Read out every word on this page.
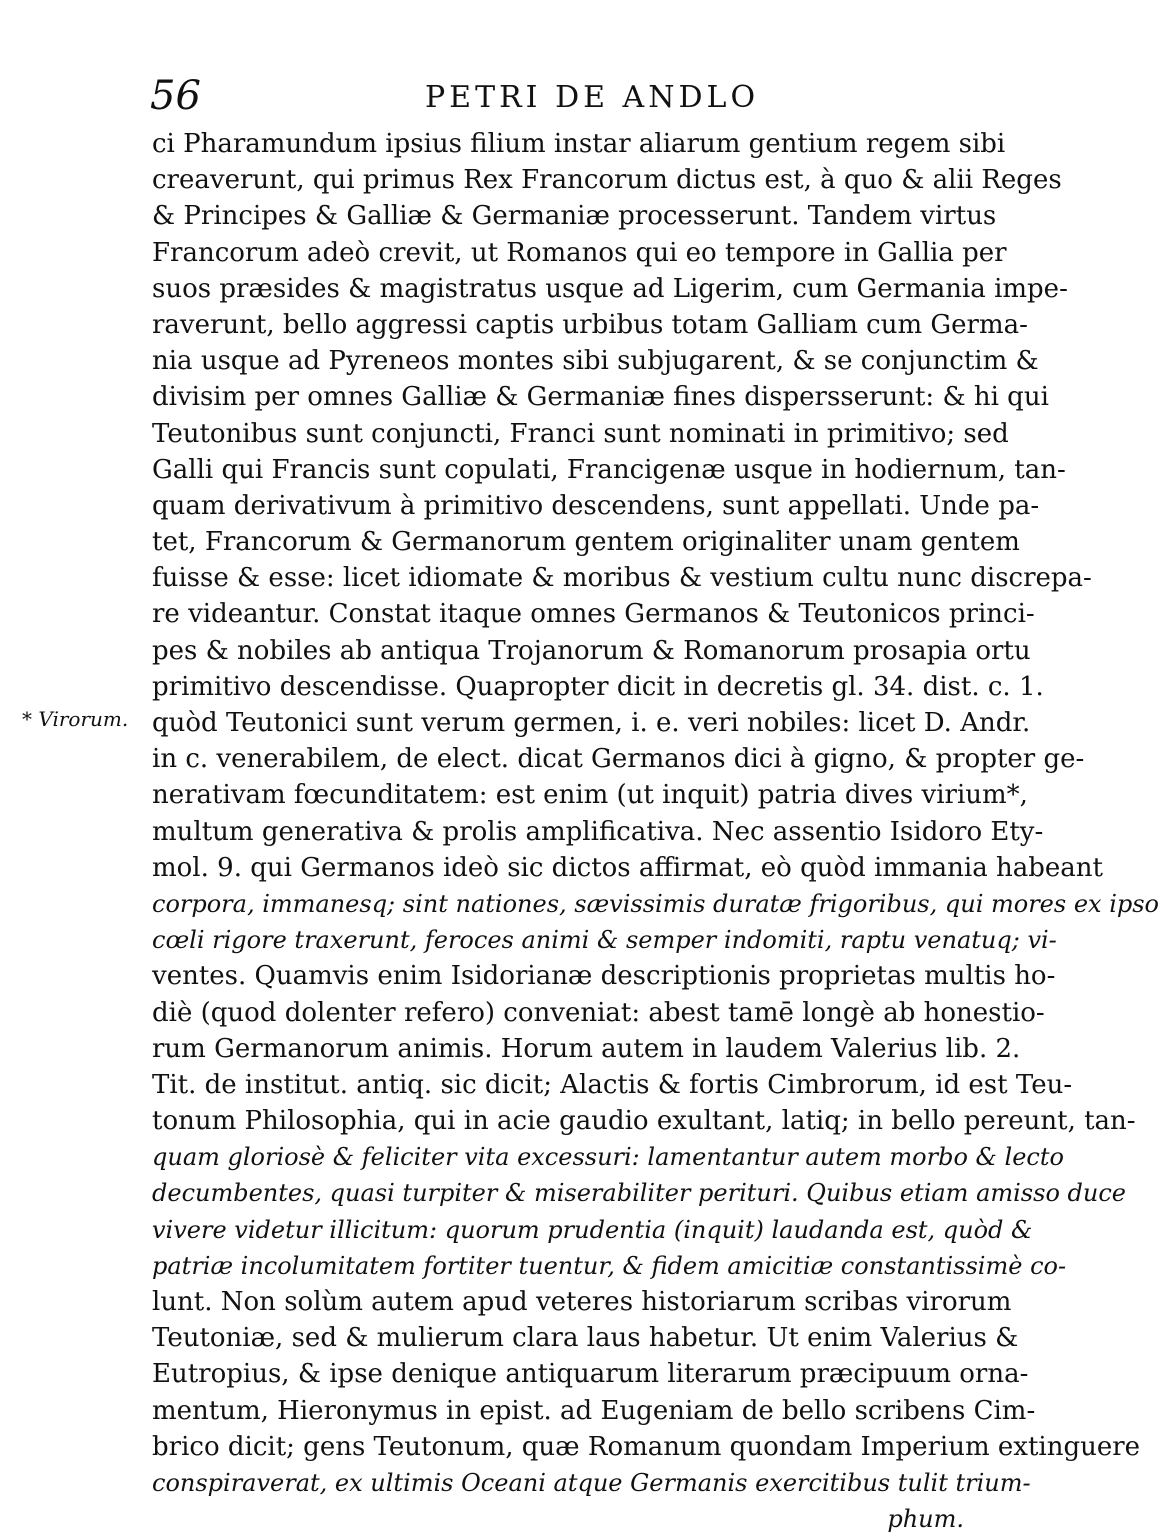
56	PETRI DE ANDLO
* Virorum.
ci Pharamundum ipsius filium instar aliarum gentium regem sibi
creaverunt, qui primus Rex Francorum dictus est, à quo & alii Reges
& Principes & Galliæ & Germaniæ processerunt. Tandem virtus
Francorum adeò crevit, ut Romanos qui eo tempore in Gallia per
suos præsides & magistratus usque ad Ligerim, cum Germania impe-
raverunt, bello aggressi captis urbibus totam Galliam cum Germa-
nia usque ad Pyreneos montes sibi subjugarent, & se conjunctim &
divisim per omnes Galliæ & Germaniæ fines dispersserunt: & hi qui
Teutonibus sunt conjuncti, Franci sunt nominati in primitivo; sed
Galli qui Francis sunt copulati, Francigenæ usque in hodiernum, tan-
quam derivativum à primitivo descendens, sunt appellati. Unde pa-
tet, Francorum & Germanorum gentem originaliter unam gentem
fuisse & esse: licet idiomate & moribus & vestium cultu nunc discrepa-
re videantur. Constat itaque omnes Germanos & Teutonicos princi-
pes & nobiles ab antiqua Trojanorum & Romanorum prosapia ortu
primitivo descendisse. Quapropter dicit in decretis gl. 34. dist. c. 1.
quòd Teutonici sunt verum germen, i. e. veri nobiles: licet D. Andr.
in c. venerabilem, de elect. dicat Germanos dici à gigno, & propter ge-
nerativam fœcunditatem: est enim (ut inquit) patria dives virium*,
multum generativa & prolis amplificativa. Nec assentio Isidoro Ety-
mol. 9. qui Germanos ideò sic dictos affirmat, eò quòd immania habeant
corpora, immanesq; sint nationes, sævissimis duratæ frigoribus, qui mores ex ipso
cœli rigore traxerunt, feroces animi & semper indomiti, raptu venatuq; vi-
ventes. Quamvis enim Isidorianæ descriptionis proprietas multis ho-
diè (quod dolenter refero) conveniat: abest tamē longè ab honestio-
rum Germanorum animis. Horum autem in laudem Valerius lib. 2.
Tit. de institut. antiq. sic dicit; Alactis & fortis Cimbrorum, id est Teu-
tonum Philosophia, qui in acie gaudio exultant, latiq; in bello pereunt, tan-
quam gloriosè & feliciter vita excessuri: lamentantur autem morbo & lecto
decumbentes, quasi turpiter & miserabiliter perituri. Quibus etiam amisso duce
vivere videtur illicitum: quorum prudentia (inquit) laudanda est, quòd &
patriæ incolumitatem fortiter tuentur, & fidem amicitiæ constantissimè co-
lunt. Non solùm autem apud veteres historiarum scribas virorum
Teutoniæ, sed & mulierum clara laus habetur. Ut enim Valerius &
Eutropius, & ipse denique antiquarum literarum præcipuum orna-
mentum, Hieronymus in epist. ad Eugeniam de bello scribens Cim-
brico dicit; gens Teutonum, quæ Romanum quondam Imperium extinguere
conspiraverat, ex ultimis Oceani atque Germanis exercitibus tulit trium-
phum.
